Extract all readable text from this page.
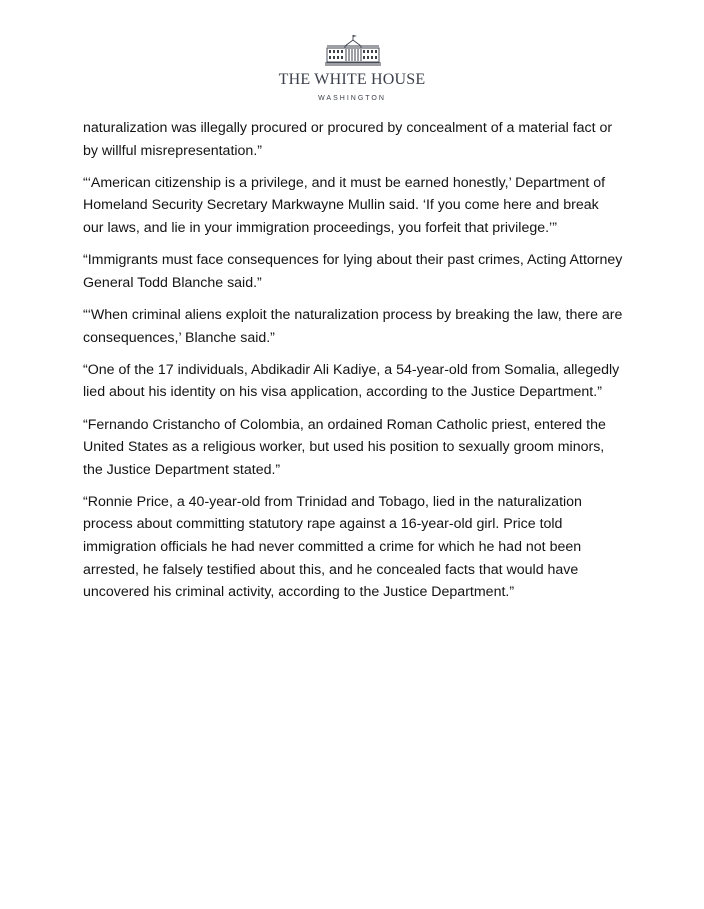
THE WHITE HOUSE
WASHINGTON

naturalization was illegally procured or procured by concealment of a material fact or by willful misrepresentation.”

“‘American citizenship is a privilege, and it must be earned honestly,’ Department of Homeland Security Secretary Markwayne Mullin said. ‘If you come here and break our laws, and lie in your immigration proceedings, you forfeit that privilege.’”

“Immigrants must face consequences for lying about their past crimes, Acting Attorney General Todd Blanche said.”

“‘When criminal aliens exploit the naturalization process by breaking the law, there are consequences,’ Blanche said.”

“One of the 17 individuals, Abdikadir Ali Kadiye, a 54-year-old from Somalia, allegedly lied about his identity on his visa application, according to the Justice Department.”

“Fernando Cristancho of Colombia, an ordained Roman Catholic priest, entered the United States as a religious worker, but used his position to sexually groom minors, the Justice Department stated.”

“Ronnie Price, a 40-year-old from Trinidad and Tobago, lied in the naturalization process about committing statutory rape against a 16-year-old girl. Price told immigration officials he had never committed a crime for which he had not been arrested, he falsely testified about this, and he concealed facts that would have uncovered his criminal activity, according to the Justice Department.”
